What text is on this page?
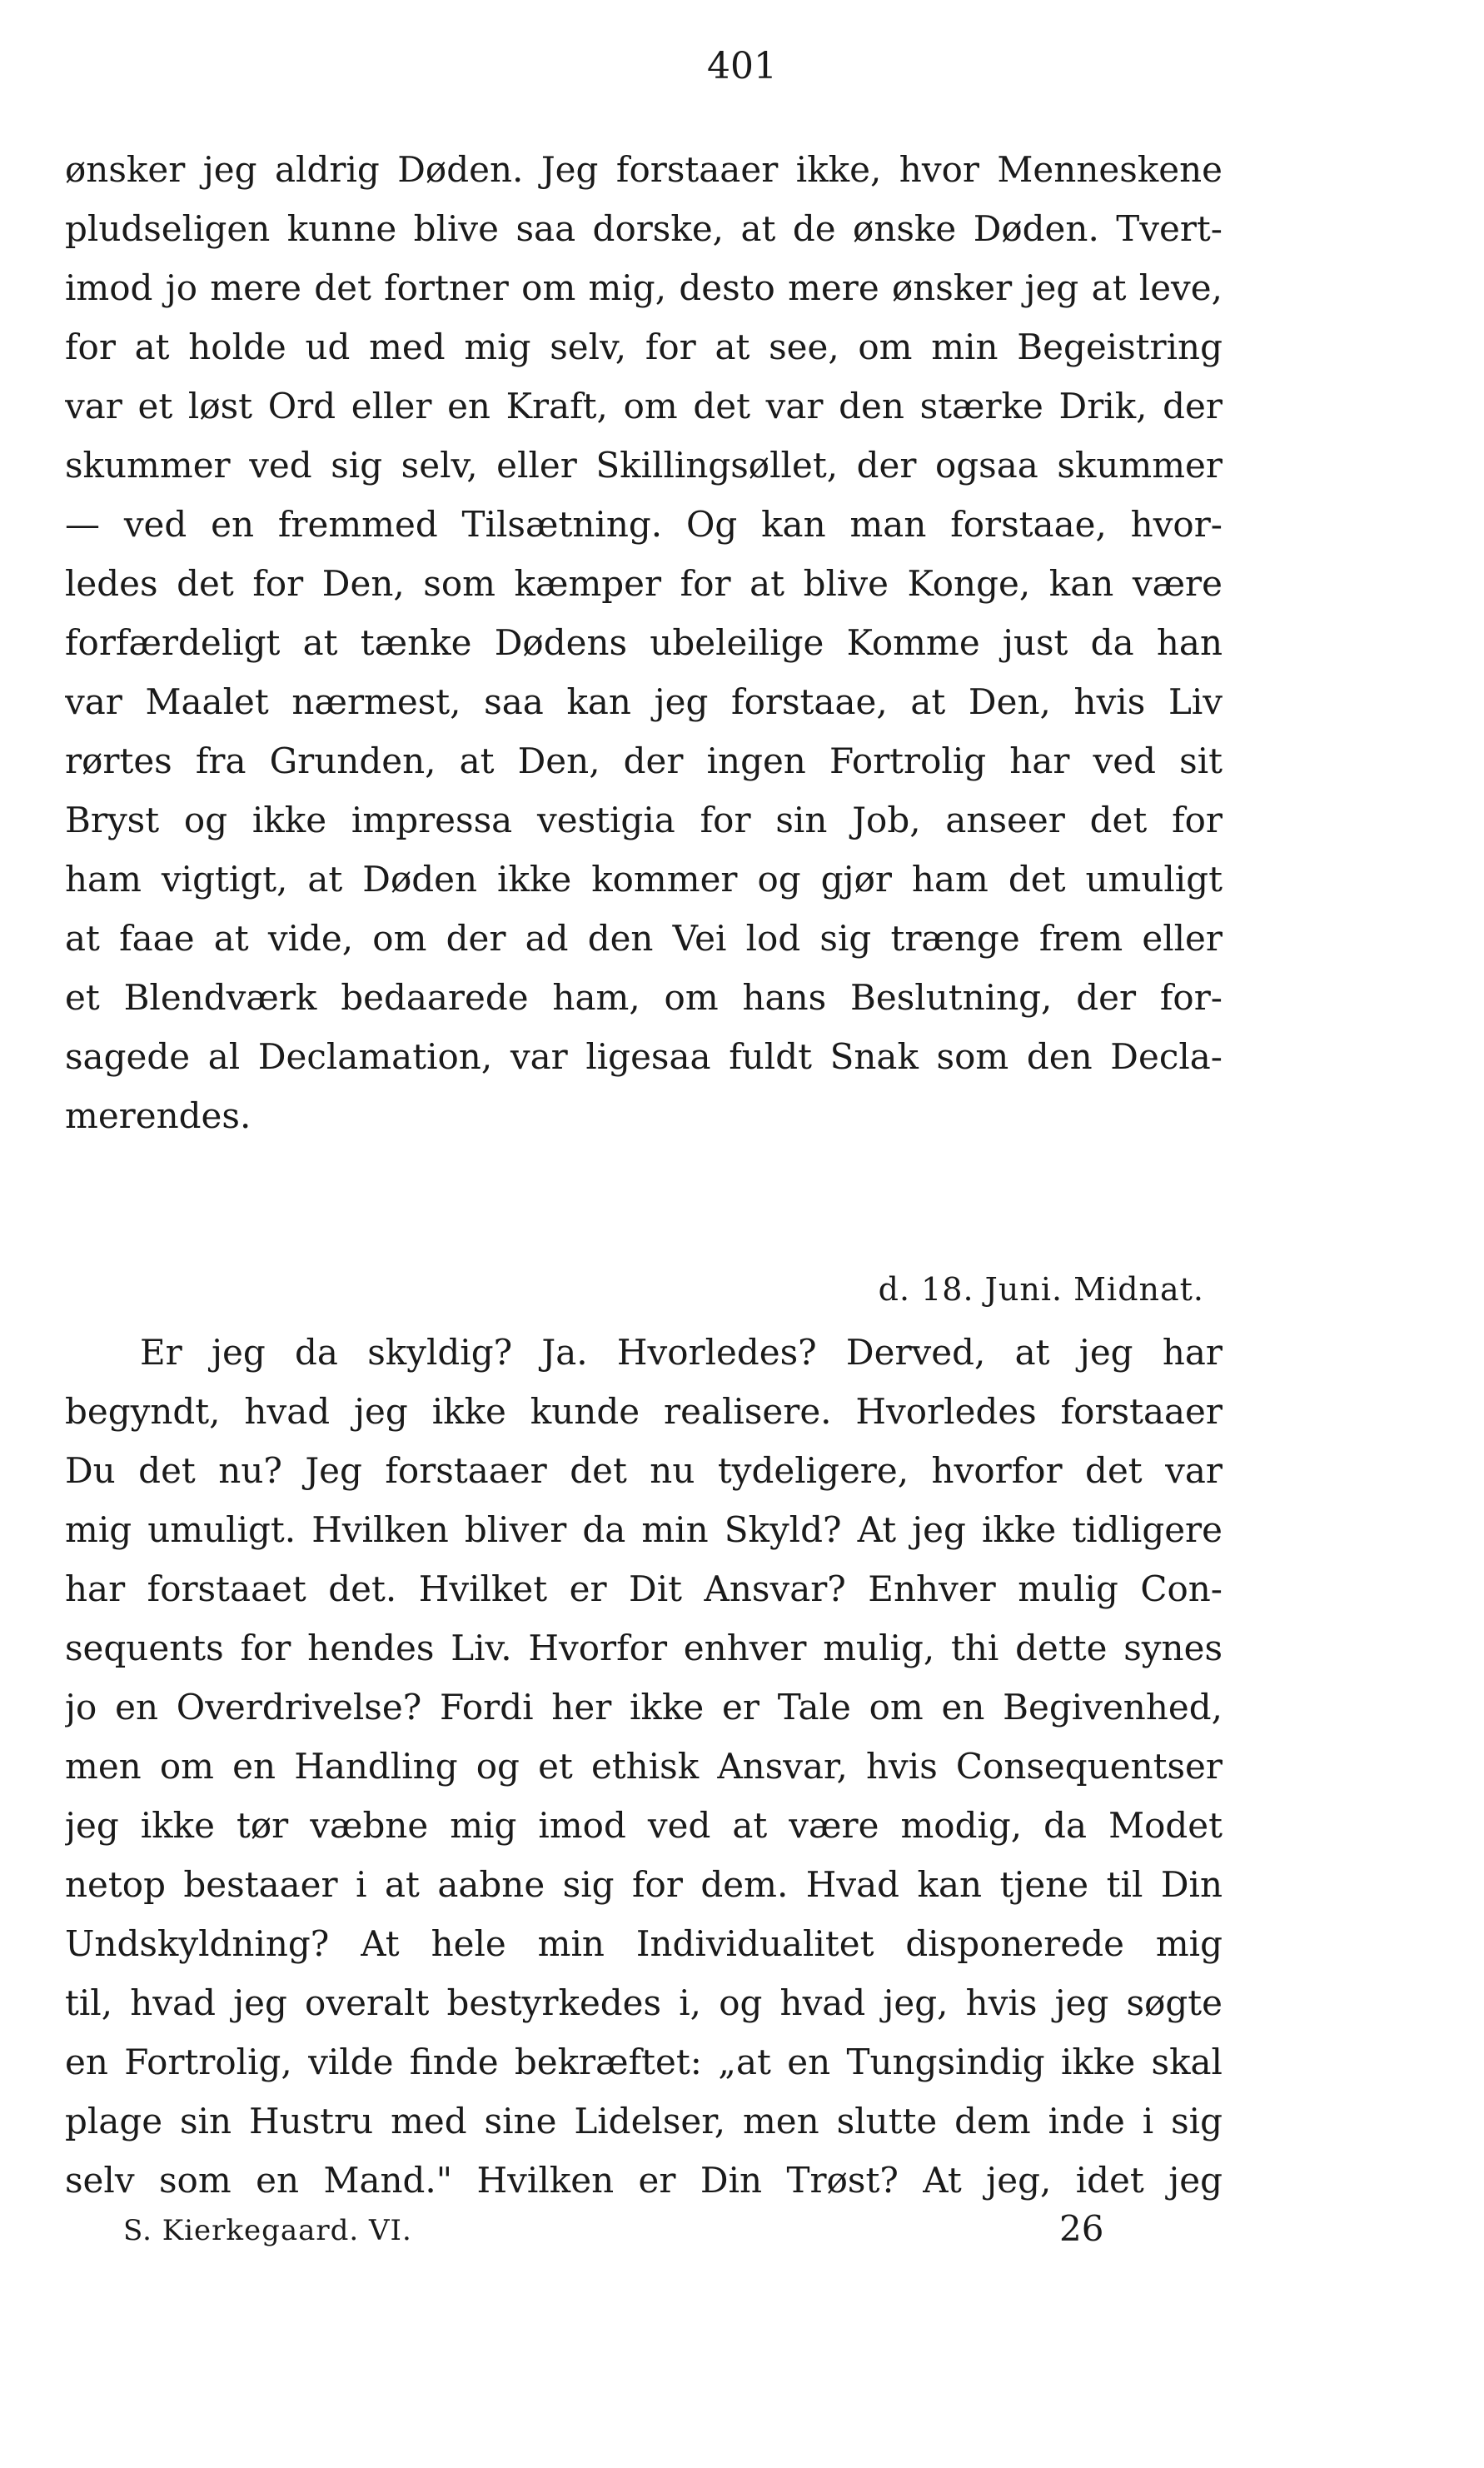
401
ønsker jeg aldrig Døden. Jeg forstaaer ikke, hvor Menneskene
pludseligen kunne blive saa dorske, at de ønske Døden. Tvert-
imod jo mere det fortner om mig, desto mere ønsker jeg at leve,
for at holde ud med mig selv, for at see, om min Begeistring
var et løst Ord eller en Kraft, om det var den stærke Drik, der
skummer ved sig selv, eller Skillingsøllet, der ogsaa skummer
— ved en fremmed Tilsætning. Og kan man forstaae, hvor-
ledes det for Den, som kæmper for at blive Konge, kan være
forfærdeligt at tænke Dødens ubeleilige Komme just da han
var Maalet nærmest, saa kan jeg forstaae, at Den, hvis Liv
rørtes fra Grunden, at Den, der ingen Fortrolig har ved sit
Bryst og ikke impressa vestigia for sin Job, anseer det for
ham vigtigt, at Døden ikke kommer og gjør ham det umuligt
at faae at vide, om der ad den Vei lod sig trænge frem eller
et Blendværk bedaarede ham, om hans Beslutning, der for-
sagede al Declamation, var ligesaa fuldt Snak som den Decla-
merendes.
d. 18. Juni. Midnat.
Er jeg da skyldig? Ja. Hvorledes? Derved, at jeg har
begyndt, hvad jeg ikke kunde realisere. Hvorledes forstaaer
Du det nu? Jeg forstaaer det nu tydeligere, hvorfor det var
mig umuligt. Hvilken bliver da min Skyld? At jeg ikke tidligere
har forstaaet det. Hvilket er Dit Ansvar? Enhver mulig Con-
sequents for hendes Liv. Hvorfor enhver mulig, thi dette synes
jo en Overdrivelse? Fordi her ikke er Tale om en Begivenhed,
men om en Handling og et ethisk Ansvar, hvis Consequentser
jeg ikke tør væbne mig imod ved at være modig, da Modet
netop bestaaer i at aabne sig for dem. Hvad kan tjene til Din
Undskyldning? At hele min Individualitet disponerede mig
til, hvad jeg overalt bestyrkedes i, og hvad jeg, hvis jeg søgte
en Fortrolig, vilde finde bekræftet: „at en Tungsindig ikke skal
plage sin Hustru med sine Lidelser, men slutte dem inde i sig
selv som en Mand." Hvilken er Din Trøst? At jeg, idet jeg
S. Kierkegaard. VI.	26
